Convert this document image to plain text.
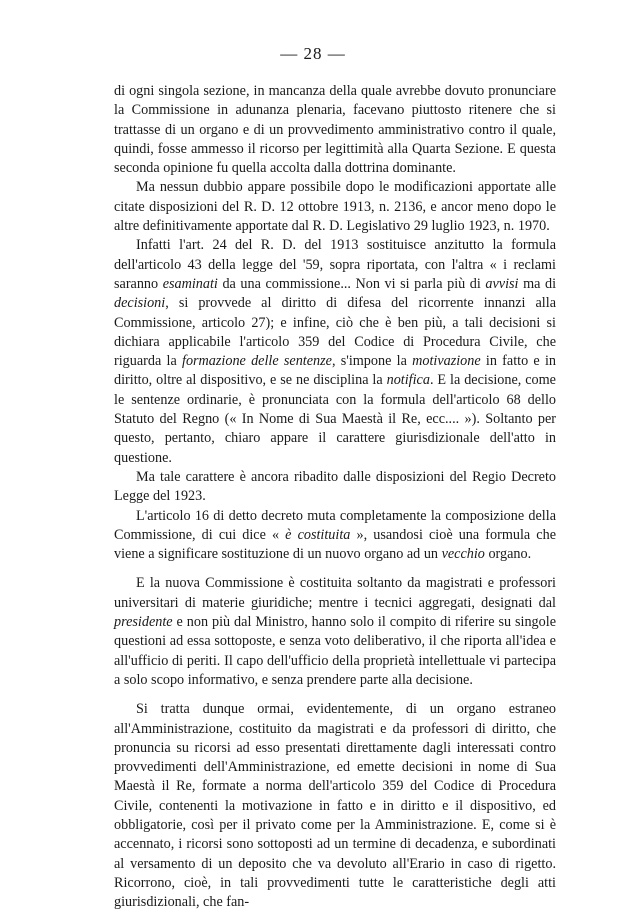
— 28 —

di ogni singola sezione, in mancanza della quale avrebbe dovuto pronunciare la Commissione in adunanza plenaria, facevano piuttosto ritenere che si trattasse di un organo e di un provvedimento amministrativo contro il quale, quindi, fosse ammesso il ricorso per legittimità alla Quarta Sezione. E questa seconda opinione fu quella accolta dalla dottrina dominante.

Ma nessun dubbio appare possibile dopo le modificazioni apportate alle citate disposizioni del R. D. 12 ottobre 1913, n. 2136, e ancor meno dopo le altre definitivamente apportate dal R. D. Legislativo 29 luglio 1923, n. 1970.

Infatti l'art. 24 del R. D. del 1913 sostituisce anzitutto la formula dell'articolo 43 della legge del '59, sopra riportata, con l'altra « i reclami saranno esaminati da una commissione... Non vi si parla più di avvisi ma di decisioni, si provvede al diritto di difesa del ricorrente innanzi alla Commissione, articolo 27); e infine, ciò che è ben più, a tali decisioni si dichiara applicabile l'articolo 359 del Codice di Procedura Civile, che riguarda la formazione delle sentenze, s'impone la motivazione in fatto e in diritto, oltre al dispositivo, e se ne disciplina la notifica. E la decisione, come le sentenze ordinarie, è pronunciata con la formula dell'articolo 68 dello Statuto del Regno (« In Nome di Sua Maestà il Re, ecc.... »). Soltanto per questo, pertanto, chiaro appare il carattere giurisdizionale dell'atto in questione.

Ma tale carattere è ancora ribadito dalle disposizioni del Regio Decreto Legge del 1923.

L'articolo 16 di detto decreto muta completamente la composizione della Commissione, di cui dice « è costituita », usandosi cioè una formula che viene a significare sostituzione di un nuovo organo ad un vecchio organo.

E la nuova Commissione è costituita soltanto da magistrati e professori universitari di materie giuridiche; mentre i tecnici aggregati, designati dal presidente e non più dal Ministro, hanno solo il compito di riferire su singole questioni ad essa sottoposte, e senza voto deliberativo, il che riporta all'idea e all'ufficio di periti. Il capo dell'ufficio della proprietà intellettuale vi partecipa a solo scopo informativo, e senza prendere parte alla decisione.

Si tratta dunque ormai, evidentemente, di un organo estraneo all'Amministrazione, costituito da magistrati e da professori di diritto, che pronuncia su ricorsi ad esso presentati direttamente dagli interessati contro provvedimenti dell'Amministrazione, ed emette decisioni in nome di Sua Maestà il Re, formate a norma dell'articolo 359 del Codice di Procedura Civile, contenenti la motivazione in fatto e in diritto e il dispositivo, ed obbligatorie, così per il privato come per la Amministrazione. E, come si è accennato, i ricorsi sono sottoposti ad un termine di decadenza, e subordinati al versamento di un deposito che va devoluto all'Erario in caso di rigetto. Ricorrono, cioè, in tali provvedimenti tutte le caratteristiche degli atti giurisdizionali, che fan-
